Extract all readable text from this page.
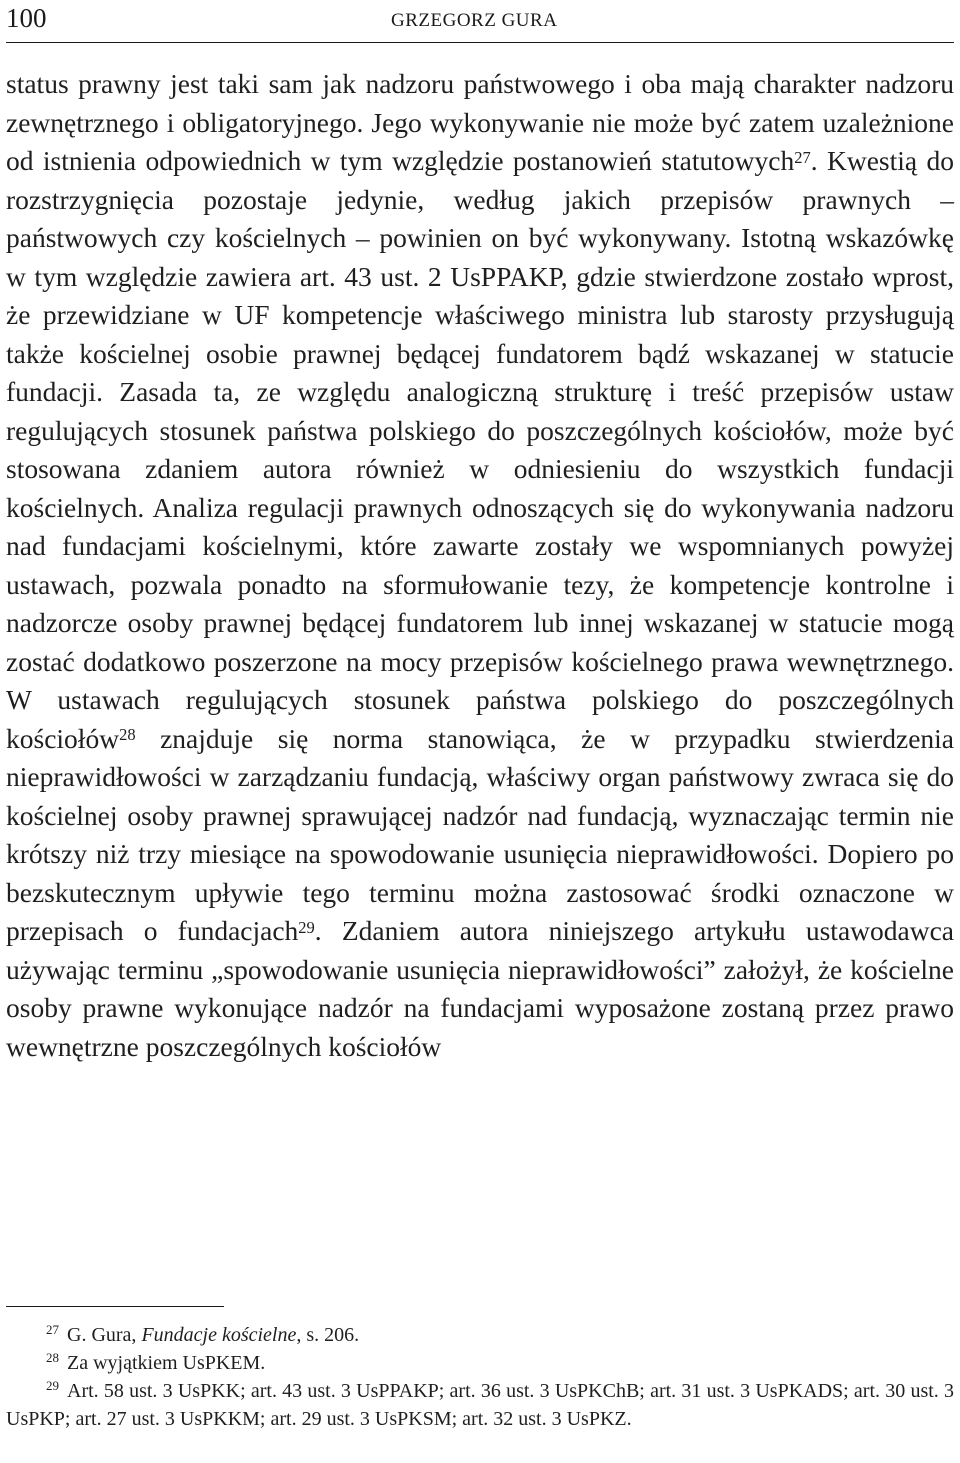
100	GRZEGORZ GURA

status prawny jest taki sam jak nadzoru państwowego i oba mają charakter nadzoru zewnętrznego i obligatoryjnego. Jego wykonywanie nie może być zatem uzależnione od istnienia odpowiednich w tym względzie postanowień statutowych$^{27}$. Kwestią do rozstrzygnięcia pozostaje jedynie, według jakich przepisów prawnych – państwowych czy kościelnych – powinien on być wykonywany. Istotną wskazówkę w tym względzie zawiera art. 43 ust. 2 UsPPAKP, gdzie stwierdzone zostało wprost, że przewidziane w UF kompetencje właściwego ministra lub starosty przysługują także kościelnej osobie prawnej będącej fundatorem bądź wskazanej w statucie fundacji. Zasada ta, ze względu analogiczną strukturę i treść przepisów ustaw regulujących stosunek państwa polskiego do poszczególnych kościołów, może być stosowana zdaniem autora również w odniesieniu do wszystkich fundacji kościelnych. Analiza regulacji prawnych odnoszących się do wykonywania nadzoru nad fundacjami kościelnymi, które zawarte zostały we wspomnianych powyżej ustawach, pozwala ponadto na sformułowanie tezy, że kompetencje kontrolne i nadzorcze osoby prawnej będącej fundatorem lub innej wskazanej w statucie mogą zostać dodatkowo poszerzone na mocy przepisów kościelnego prawa wewnętrznego. W ustawach regulujących stosunek państwa polskiego do poszczególnych kościołów$^{28}$ znajduje się norma stanowiąca, że w przypadku stwierdzenia nieprawidłowości w zarządzaniu fundacją, właściwy organ państwowy zwraca się do kościelnej osoby prawnej sprawującej nadzór nad fundacją, wyznaczając termin nie krótszy niż trzy miesiące na spowodowanie usunięcia nieprawidłowości. Dopiero po bezskutecznym upływie tego terminu można zastosować środki oznaczone w przepisach o fundacjach$^{29}$. Zdaniem autora niniejszego artykułu ustawodawca używając terminu „spowodowanie usunięcia nieprawidłowości” założył, że kościelne osoby prawne wykonujące nadzór na fundacjami wyposażone zostaną przez prawo wewnętrzne poszczególnych kościołów

$^{27}$ G. Gura, Fundacje kościelne, s. 206.
$^{28}$ Za wyjątkiem UsPKEM.
$^{29}$ Art. 58 ust. 3 UsPKK; art. 43 ust. 3 UsPPAKP; art. 36 ust. 3 UsPKChB; art. 31 ust. 3 UsPKADS; art. 30 ust. 3 UsPKP; art. 27 ust. 3 UsPKKM; art. 29 ust. 3 UsPKSM; art. 32 ust. 3 UsPKZ.
